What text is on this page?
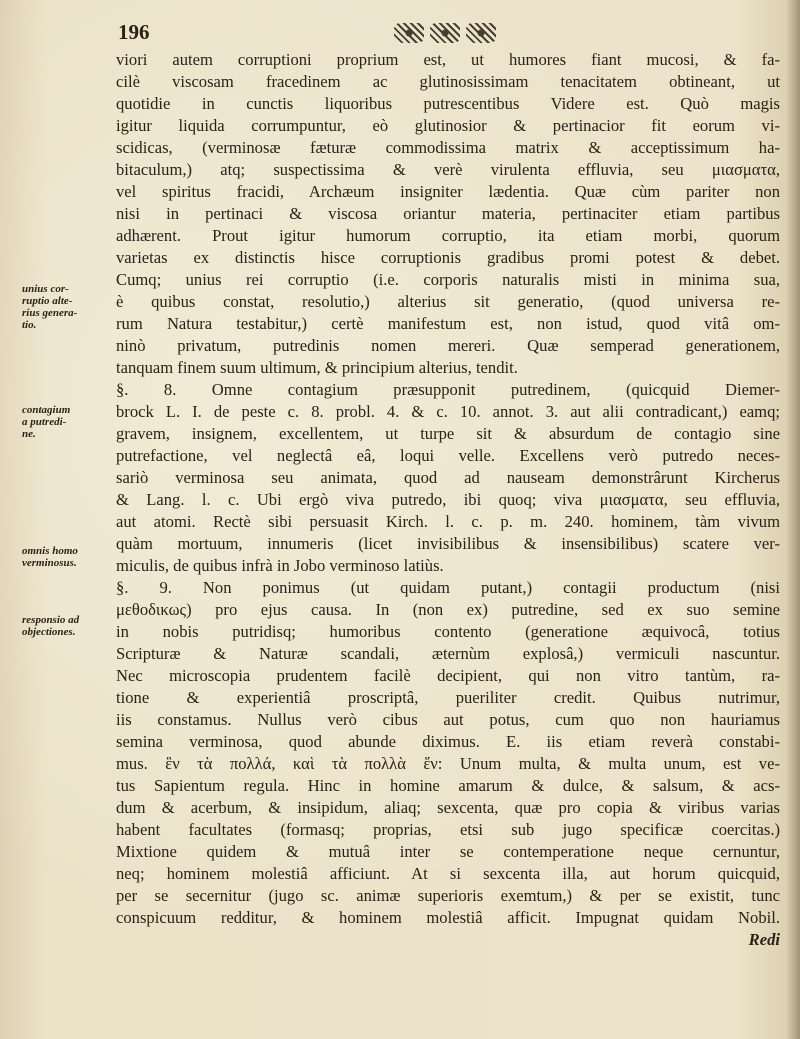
196
unius cor-
ruptio alte-
rius genera-
tio.
contagium
a putredi-
ne.
omnis homo
verminosus.
responsio ad
objectiones.
viori autem corruptioni proprium est, ut humores fiant mucosi, & fa-
cilè viscosam fracedinem ac glutinosissimam tenacitatem obtineant, ut
quotidie in cunctis liquoribus putrescentibus Videre est. Quò magis
igitur liquida corrumpuntur, eò glutinosior & pertinacior fit eorum vi-
scidicas, (verminosæ fæturæ commodissima matrix & acceptissimum ha-
bitaculum,) atq; suspectissima & verè virulenta effluvia, seu μιασματα,
vel spiritus fracidi, Archæum insigniter lædentia. Quæ cùm pariter non
nisi in pertinaci & viscosa oriantur materia, pertinaciter etiam partibus
adhærent. Prout igitur humorum corruptio, ita etiam morbi, quorum
varietas ex distinctis hisce corruptionis gradibus promi potest & debet.
Cumq; unius rei corruptio (i.e. corporis naturalis misti in minima sua,
è quibus constat, resolutio,) alterius sit generatio, (quod universa re-
rum Natura testabitur,) certè manifestum est, non istud, quod vitâ om-
ninò privatum, putredinis nomen mereri. Quæ semperad generationem,
tanquam finem suum ultimum, & principium alterius, tendit.
§. 8. Omne contagium præsupponit putredinem, (quicquid Diemer-
brock L. I. de peste c. 8. probl. 4. & c. 10. annot. 3. aut alii contradicant,) eamq;
gravem, insignem, excellentem, ut turpe sit & absurdum de contagio sine
putrefactione, vel neglectâ eâ, loqui velle. Excellens verò putredo neces-
sariò verminosa seu animata, quod ad nauseam demonstrârunt Kircherus
& Lang. l. c. Ubi ergò viva putredo, ibi quoq; viva μιασματα, seu effluvia,
aut atomi. Rectè sibi persuasit Kirch. l. c. p. m. 240. hominem, tàm vivum
quàm mortuum, innumeris (licet invisibilibus & insensibilibus) scatere ver-
miculis, de quibus infrà in Jobo verminoso latiùs.
§. 9. Non ponimus (ut quidam putant,) contagii productum (nisi
μεθοδικως) pro ejus causa. In (non ex) putredine, sed ex suo semine
in nobis putridisq; humoribus contento (generatione æquivocâ, totius
Scripturæ & Naturæ scandali, æternùm explosâ,) vermiculi nascuntur.
Nec microscopia prudentem facilè decipient, qui non vitro tantùm, ra-
tione & experientiâ proscriptâ, pueriliter credit. Quibus nutrimur,
iis constamus. Nullus verò cibus aut potus, cum quo non hauriamus
semina verminosa, quod abunde diximus. E. iis etiam reverà constabi-
mus. ἓν τὰ πολλά, καὶ τὰ πολλὰ ἕν: Unum multa, & multa unum, est ve-
tus Sapientum regula. Hinc in homine amarum & dulce, & salsum, & acs-
dum & acerbum, & insipidum, aliaq; sexcenta, quæ pro copia & viribus varias
habent facultates (formasq; proprias, etsi sub jugo specificæ coercitas.)
Mixtione quidem & mutuâ inter se contemperatione neque cernuntur,
neq; hominem molestiâ afficiunt. At si sexcenta illa, aut horum quicquid,
per se secernitur (jugo sc. animæ superioris exemtum,) & per se existit, tunc
conspicuum redditur, & hominem molestiâ afficit. Impugnat quidam Nobil.
Redi
